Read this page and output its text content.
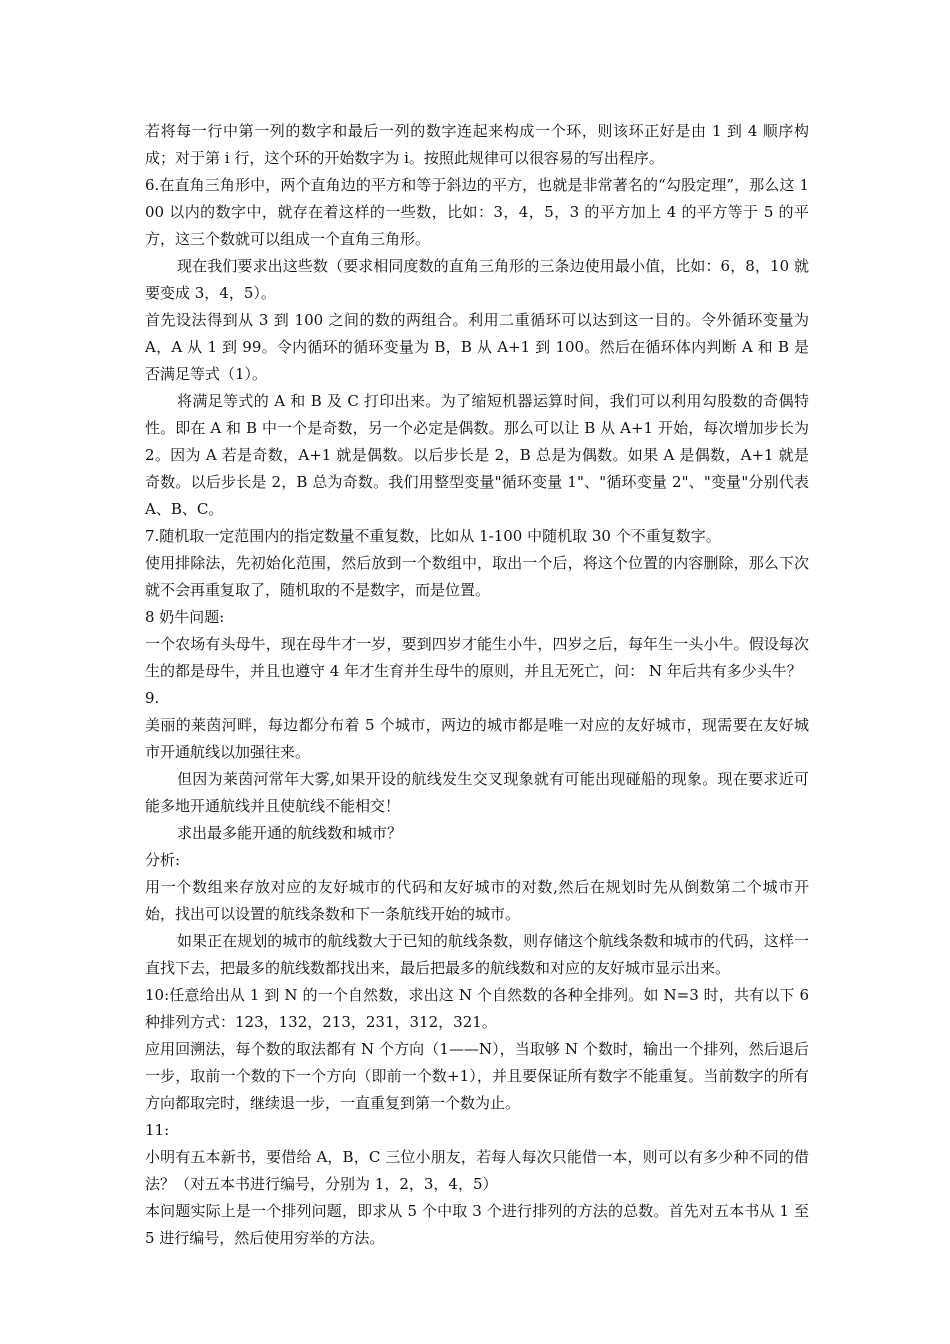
若将每一行中第一列的数字和最后一列的数字连起来构成一个环，则该环正好是由 1 到 4 顺序构成；对于第 i 行，这个环的开始数字为 i。按照此规律可以很容易的写出程序。

6.在直角三角形中，两个直角边的平方和等于斜边的平方，也就是非常著名的“勾股定理”，那么这 100 以内的数字中，就存在着这样的一些数，比如：3，4，5，3 的平方加上 4 的平方等于 5 的平方，这三个数就可以组成一个直角三角形。

现在我们要求出这些数（要求相同度数的直角三角形的三条边使用最小值，比如：6，8，10 就要变成 3，4，5）。

首先设法得到从 3 到 100 之间的数的两组合。利用二重循环可以达到这一目的。令外循环变量为 A，A 从 1 到 99。令内循环的循环变量为 B，B 从 A+1 到 100。然后在循环体内判断 A 和 B 是否满足等式（1）。

将满足等式的 A 和 B 及 C 打印出来。为了缩短机器运算时间，我们可以利用勾股数的奇偶特性。即在 A 和 B 中一个是奇数，另一个必定是偶数。那么可以让 B 从 A+1 开始，每次增加步长为 2。因为 A 若是奇数，A+1 就是偶数。以后步长是 2，B 总是为偶数。如果 A 是偶数，A+1 就是奇数。以后步长是 2，B 总为奇数。我们用整型变量"循环变量 1"、"循环变量 2"、"变量"分别代表 A、B、C。

7.随机取一定范围内的指定数量不重复数，比如从 1-100 中随机取 30 个不重复数字。

使用排除法，先初始化范围，然后放到一个数组中，取出一个后，将这个位置的内容删除，那么下次就不会再重复取了，随机取的不是数字，而是位置。

8 奶牛问题:

一个农场有头母牛，现在母牛才一岁，要到四岁才能生小牛，四岁之后，每年生一头小牛。假设每次生的都是母牛，并且也遵守 4 年才生育并生母牛的原则，并且无死亡，问： N 年后共有多少头牛？

9.

美丽的莱茵河畔，每边都分布着 5 个城市，两边的城市都是唯一对应的友好城市，现需要在友好城市开通航线以加强往来。

但因为莱茵河常年大雾,如果开设的航线发生交叉现象就有可能出现碰船的现象。现在要求近可能多地开通航线并且使航线不能相交！

求出最多能开通的航线数和城市？

分析:

用一个数组来存放对应的友好城市的代码和友好城市的对数,然后在规划时先从倒数第二个城市开始，找出可以设置的航线条数和下一条航线开始的城市。

如果正在规划的城市的航线数大于已知的航线条数，则存储这个航线条数和城市的代码，这样一直找下去，把最多的航线数都找出来，最后把最多的航线数和对应的友好城市显示出来。

10:任意给出从 1 到 N 的一个自然数，求出这 N 个自然数的各种全排列。如 N=3 时，共有以下 6 种排列方式：123，132，213，231，312，321。

应用回溯法，每个数的取法都有 N 个方向（1——N），当取够 N 个数时，输出一个排列，然后退后一步，取前一个数的下一个方向（即前一个数+1），并且要保证所有数字不能重复。当前数字的所有方向都取完时，继续退一步，一直重复到第一个数为止。

11:

小明有五本新书，要借给 A，B，C 三位小朋友，若每人每次只能借一本，则可以有多少种不同的借法？（对五本书进行编号，分别为 1，2，3，4，5）

本问题实际上是一个排列问题，即求从 5 个中取 3 个进行排列的方法的总数。首先对五本书从 1 至 5 进行编号，然后使用穷举的方法。
